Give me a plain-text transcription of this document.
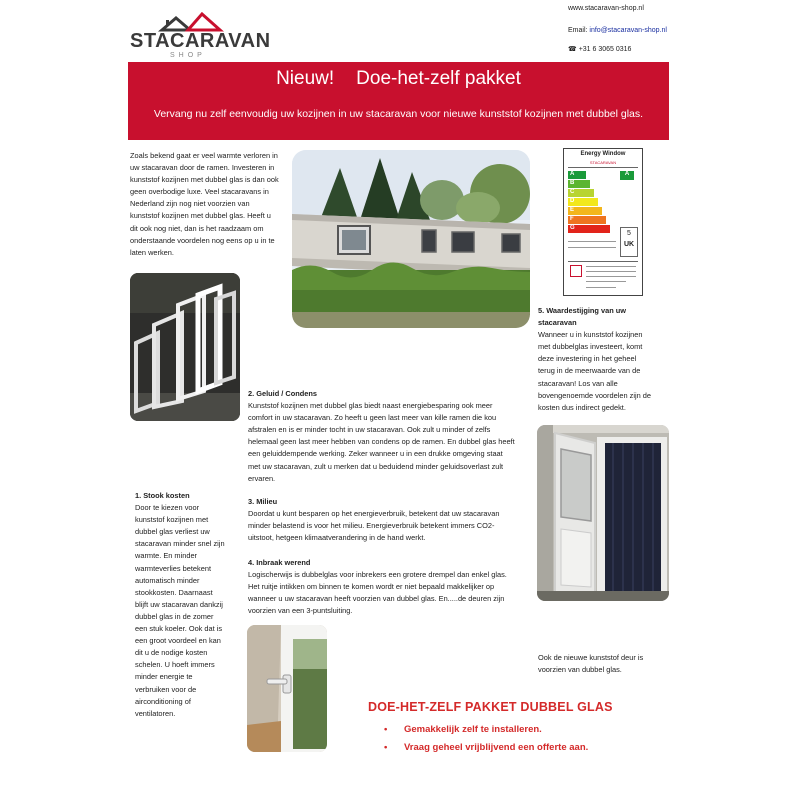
STACARAVAN
SHOP
www.stacaravan-shop.nl
Email: info@stacaravan-shop.nl
☎ +31 6 3065 0316
Nieuw! Doe-het-zelf pakket
Vervang nu zelf eenvoudig uw kozijnen in uw stacaravan voor nieuwe kunststof kozijnen met dubbel glas.
Zoals bekend gaat er veel warmte verloren in
uw stacaravan door de ramen. Investeren in
kunststof kozijnen met dubbel glas is dan ook
geen overbodige luxe. Veel stacaravans in
Nederland zijn nog niet voorzien van
kunststof kozijnen met dubbel glas. Heeft u
dit ook nog niet, dan is het raadzaam om
onderstaande voordelen nog eens op u in te
laten werken.
Energy Window
STACARAVAN
A
B
C
D
E
F
G
A
5
UK
5. Waardestijging van uw
stacaravan
Wanneer u in kunststof kozijnen
met dubbelglas investeert, komt
deze investering in het geheel
terug in de meerwaarde van de
stacaravan! Los van alle
bovengenoemde voordelen zijn de
kosten dus indirect gedekt.
2. Geluid / Condens
Kunststof kozijnen met dubbel glas biedt naast energiebesparing ook meer
comfort in uw stacaravan. Zo heeft u geen last meer van kille ramen die kou
afstralen en is er minder tocht in uw stacaravan. Ook zult u minder of zelfs
helemaal geen last meer hebben van condens op de ramen. En dubbel glas heeft
een geluiddempende werking. Zeker wanneer u in een drukke omgeving staat
met uw stacaravan, zult u merken dat u beduidend minder geluidsoverlast zult
ervaren.
3. Milieu
Doordat u kunt besparen op het energieverbruik, betekent dat uw stacaravan
minder belastend is voor het milieu. Energieverbruik betekent immers CO2-
uitstoot, hetgeen klimaatverandering in de hand werkt.
4. Inbraak werend
Logischerwijs is dubbelglas voor inbrekers een grotere drempel dan enkel glas.
Het ruitje intikken om binnen te komen wordt er niet bepaald makkelijker op
wanneer u uw stacaravan heeft voorzien van dubbel glas. En.....de deuren zijn
voorzien van een 3-puntsluiting.
1. Stook kosten
Door te kiezen voor
kunststof kozijnen met
dubbel glas verliest uw
stacaravan minder snel zijn
warmte. En minder
warmteverlies betekent
automatisch minder
stookkosten. Daarnaast
blijft uw stacaravan dankzij
dubbel glas in de zomer
een stuk koeler. Ook dat is
een groot voordeel en kan
dit u de nodige kosten
schelen. U hoeft immers
minder energie te
verbruiken voor de
airconditioning of
ventilatoren.
Ook de nieuwe kunststof deur is
voorzien van dubbel glas.
DOE-HET-ZELF PAKKET DUBBEL GLAS
• Gemakkelijk zelf te installeren.
• Vraag geheel vrijblijvend een offerte aan.
